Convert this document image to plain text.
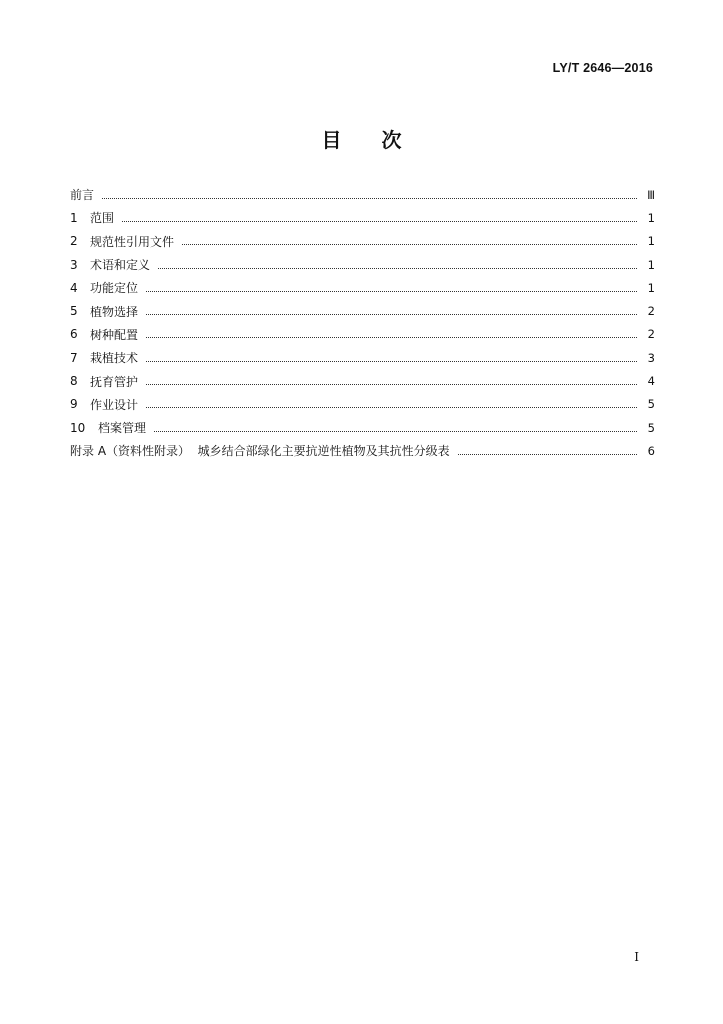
LY/T 2646—2016
目 次
前言	Ⅲ
1	范围	1
2	规范性引用文件	1
3	术语和定义	1
4	功能定位	1
5	植物选择	2
6	树种配置	2
7	栽植技术	3
8	抚育管护	4
9	作业设计	5
10	档案管理	5
附录 A（资料性附录）  城乡结合部绿化主要抗逆性植物及其抗性分级表	6
I
